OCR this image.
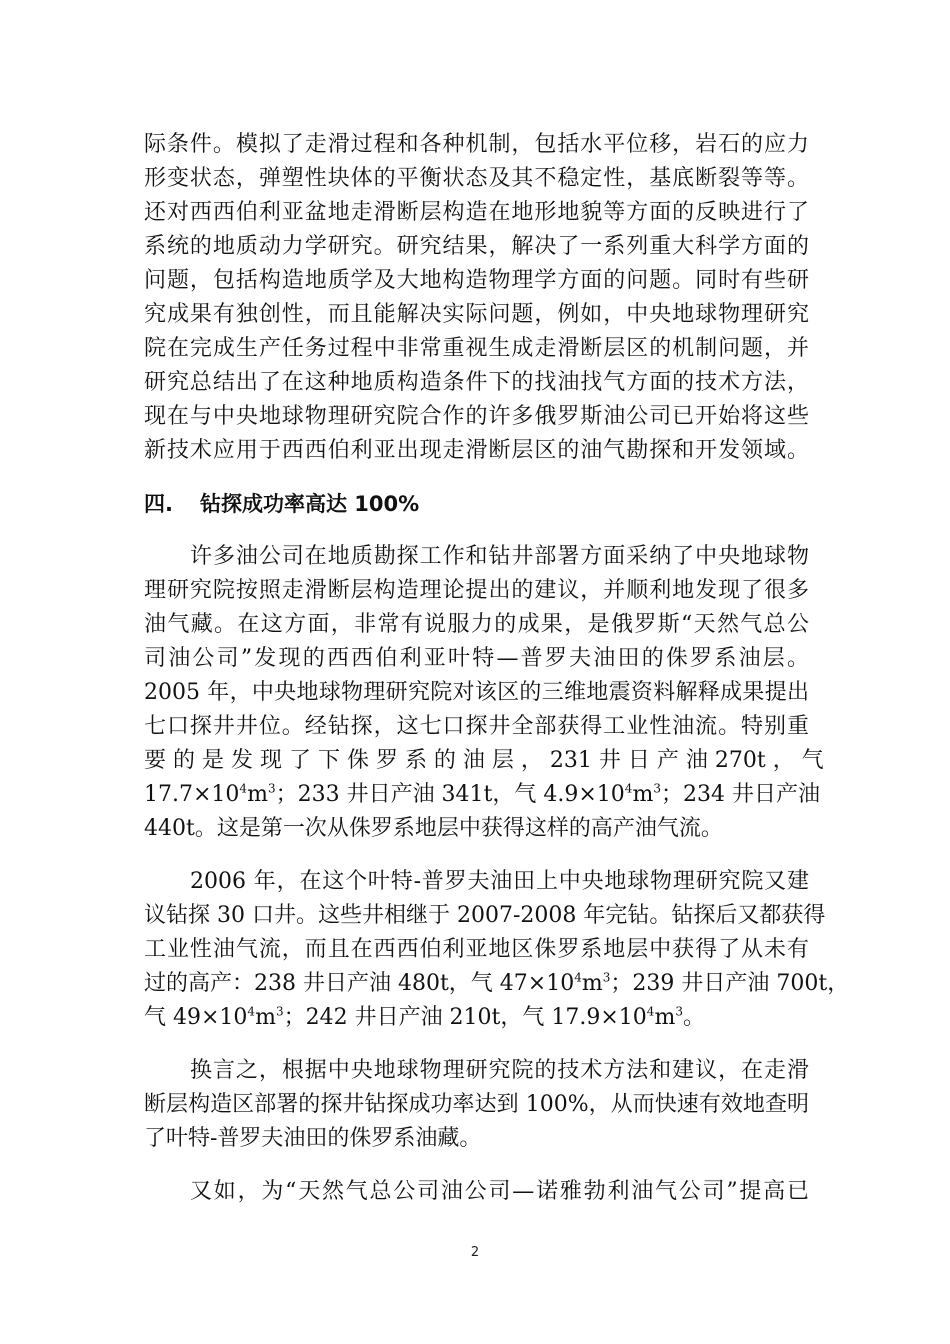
际条件。模拟了走滑过程和各种机制，包括水平位移，岩石的应力
形变状态，弹塑性块体的平衡状态及其不稳定性，基底断裂等等。
还对西西伯利亚盆地走滑断层构造在地形地貌等方面的反映进行了
系统的地质动力学研究。研究结果，解决了一系列重大科学方面的
问题，包括构造地质学及大地构造物理学方面的问题。同时有些研
究成果有独创性，而且能解决实际问题，例如，中央地球物理研究
院在完成生产任务过程中非常重视生成走滑断层区的机制问题，并
研究总结出了在这种地质构造条件下的找油找气方面的技术方法，
现在与中央地球物理研究院合作的许多俄罗斯油公司已开始将这些
新技术应用于西西伯利亚出现走滑断层区的油气勘探和开发领域。
四. 钻探成功率高达 100%
许多油公司在地质勘探工作和钻井部署方面采纳了中央地球物
理研究院按照走滑断层构造理论提出的建议，并顺利地发现了很多
油气藏。在这方面，非常有说服力的成果，是俄罗斯“天然气总公
司油公司”发现的西西伯利亚叶特—普罗夫油田的侏罗系油层。
2005 年，中央地球物理研究院对该区的三维地震资料解释成果提出
七口探井井位。经钻探，这七口探井全部获得工业性油流。特别重
要 的 是 发 现 了 下 侏 罗 系 的 油 层 ， 231 井 日 产 油 270t ， 气
$17.7\times 10^4m^3$；233 井日产油 341t，气 $4.9\times 10^4m^3$；234 井日产油
440t。这是第一次从侏罗系地层中获得这样的高产油气流。
2006 年，在这个叶特-普罗夫油田上中央地球物理研究院又建
议钻探 30 口井。这些井相继于 2007-2008 年完钻。钻探后又都获得
工业性油气流，而且在西西伯利亚地区侏罗系地层中获得了从未有
过的高产：238 井日产油 480t，气 $47\times 10^4m^3$；239 井日产油 700t，
气 $49\times 10^4m^3$；242 井日产油 210t，气 $17.9\times 10^4m^3$。
换言之，根据中央地球物理研究院的技术方法和建议，在走滑
断层构造区部署的探井钻探成功率达到 100%，从而快速有效地查明
了叶特-普罗夫油田的侏罗系油藏。
又如，为“天然气总公司油公司—诺雅勃利油气公司”提高已
2
